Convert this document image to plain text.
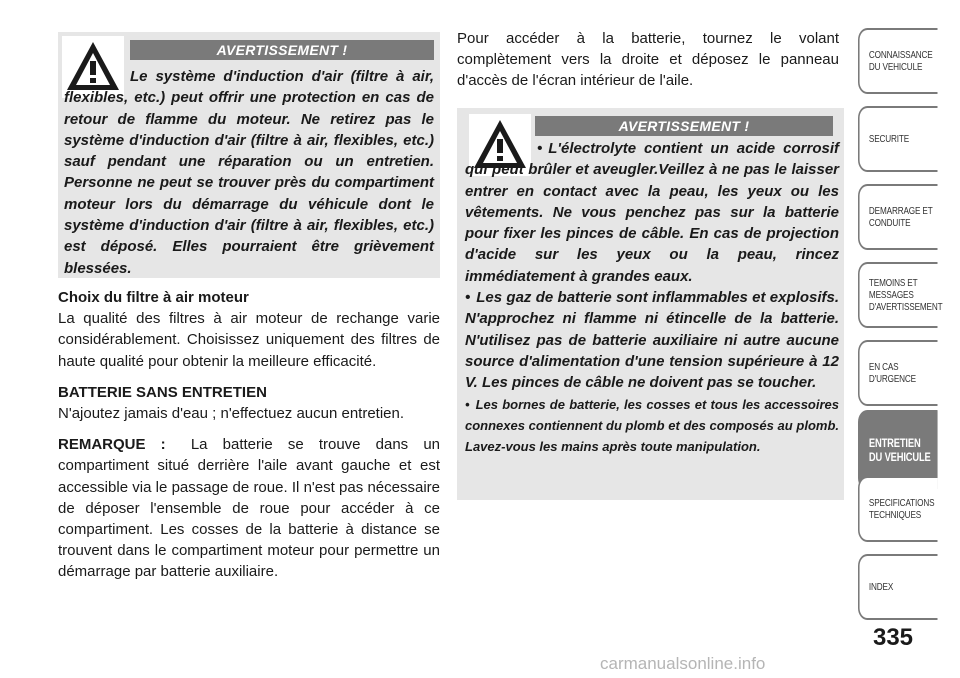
AVERTISSEMENT !
Le système d'induction d'air (filtre à air, flexibles, etc.) peut offrir une protection en cas de retour de flamme du moteur. Ne retirez pas le système d'induction d'air (filtre à air, flexibles, etc.) sauf pendant une réparation ou un entretien. Personne ne peut se trouver près du compartiment moteur lors du démarrage du véhicule dont le système d'induction d'air (filtre à air, flexibles, etc.) est déposé. Elles pourraient être grièvement blessées.
Choix du filtre à air moteur
La qualité des filtres à air moteur de rechange varie considérablement. Choisissez uniquement des filtres de haute qualité pour obtenir la meilleure efficacité.
BATTERIE SANS ENTRETIEN
N'ajoutez jamais d'eau ; n'effectuez aucun entretien.
REMARQUE : La batterie se trouve dans un compartiment situé derrière l'aile avant gauche et est accessible via le passage de roue. Il n'est pas nécessaire de déposer l'ensemble de roue pour accéder à ce compartiment. Les cosses de la batterie à distance se trouvent dans le compartiment moteur pour permettre un démarrage par batterie auxiliaire.
Pour accéder à la batterie, tournez le volant complètement vers la droite et déposez le panneau d'accès de l'écran intérieur de l'aile.
AVERTISSEMENT !
• L'électrolyte contient un acide corrosif qui peut brûler et aveugler.Veillez à ne pas le laisser entrer en contact avec la peau, les yeux ou les vêtements. Ne vous penchez pas sur la batterie pour fixer les pinces de câble. En cas de projection d'acide sur les yeux ou la peau, rincez immédiatement à grandes eaux.
• Les gaz de batterie sont inflammables et explosifs. N'approchez ni flamme ni étincelle de la batterie. N'utilisez pas de batterie auxiliaire ni autre aucune source d'alimentation d'une tension supérieure à 12 V. Les pinces de câble ne doivent pas se toucher.
• Les bornes de batterie, les cosses et tous les accessoires connexes contiennent du plomb et des composés au plomb. Lavez-vous les mains après toute manipulation.
CONNAISSANCE DU VEHICULE
SECURITE
DEMARRAGE ET CONDUITE
TEMOINS ET MESSAGES D'AVERTISSEMENT
EN CAS D'URGENCE
ENTRETIEN DU VEHICULE
SPECIFICATIONS TECHNIQUES
INDEX
335
carmanualsonline.info
